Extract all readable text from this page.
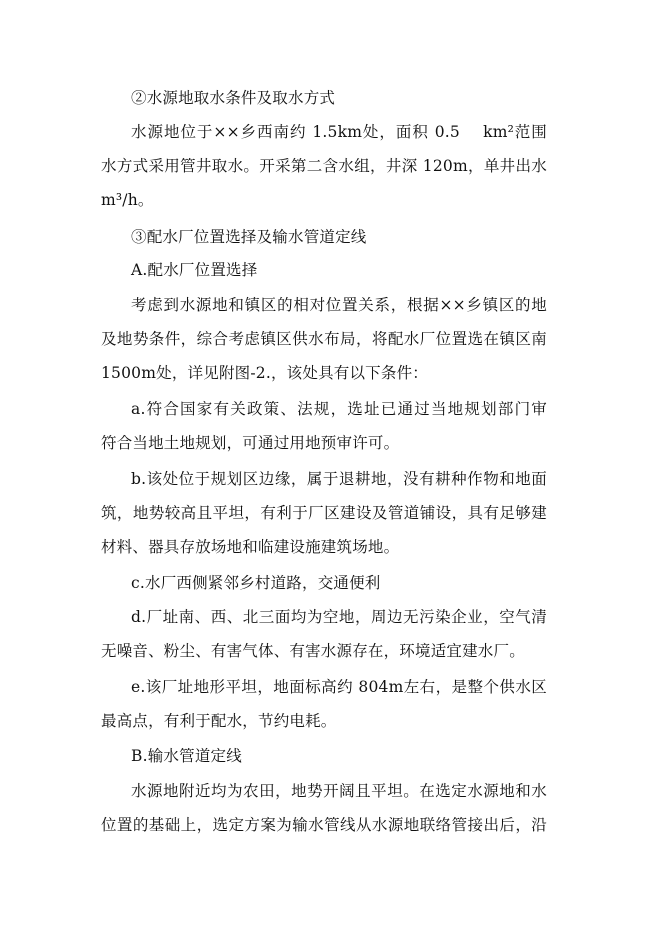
②水源地取水条件及取水方式
水源地位于××乡西南约 1.5km处，面积 0.5　 km²范围
水方式采用管井取水。开采第二含水组，井深 120m，单井出水
m³/h。
③配水厂位置选择及输水管道定线
A.配水厂位置选择
考虑到水源地和镇区的相对位置关系，根据××乡镇区的地
及地势条件，综合考虑镇区供水布局，将配水厂位置选在镇区南
1500m处，详见附图-2.，该处具有以下条件：
a.符合国家有关政策、法规，选址已通过当地规划部门审
符合当地土地规划，可通过用地预审许可。
b.该处位于规划区边缘，属于退耕地，没有耕种作物和地面
筑，地势较高且平坦，有利于厂区建设及管道铺设，具有足够建
材料、器具存放场地和临建设施建筑场地。
c.水厂西侧紧邻乡村道路，交通便利
d.厂址南、西、北三面均为空地，周边无污染企业，空气清
无噪音、粉尘、有害气体、有害水源存在，环境适宜建水厂。
e.该厂址地形平坦，地面标高约 804m左右，是整个供水区
最高点，有利于配水，节约电耗。
B.输水管道定线
水源地附近均为农田，地势开阔且平坦。在选定水源地和水
位置的基础上，选定方案为输水管线从水源地联络管接出后，沿
